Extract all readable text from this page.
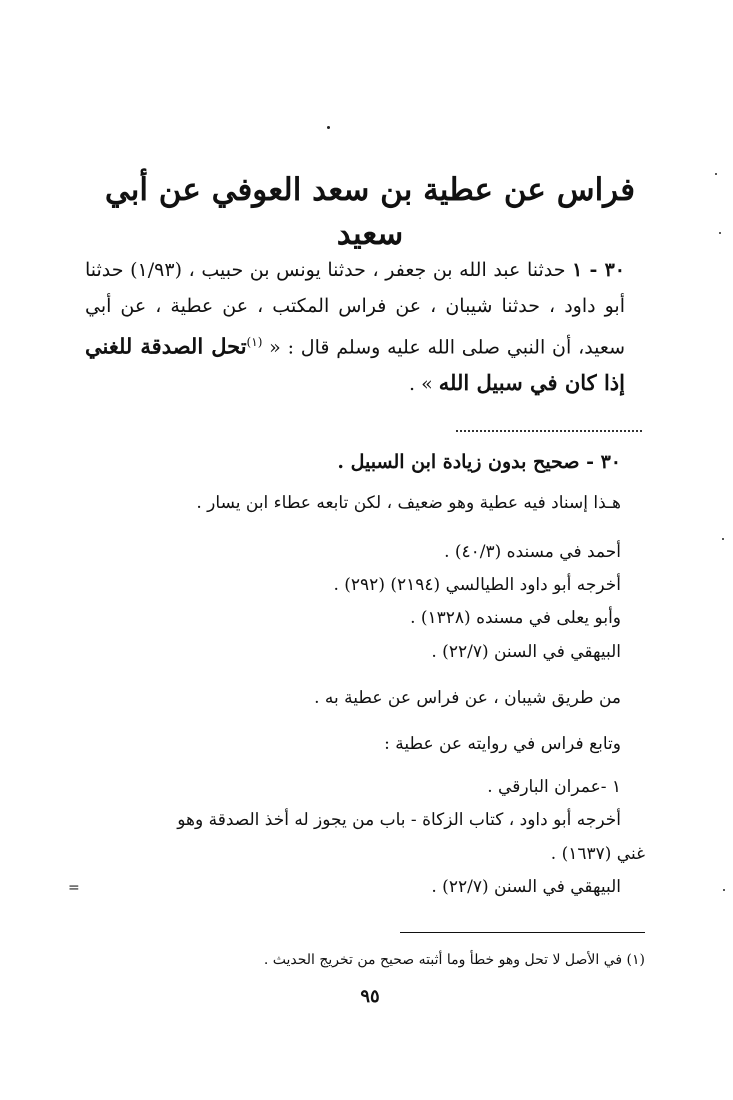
فراس عن عطية بن سعد العوفي عن أبي سعيد
٣٠ - ١ حدثنا عبد الله بن جعفر ، حدثنا يونس بن حبيب ، (١/٩٣) حدثنا أبو داود ، حدثنا شيبان ، عن فراس المكتب ، عن عطية ، عن أبي سعيد، أن النبي صلى الله عليه وسلم قال : « $^{(١)}$تحل الصدقة للغني إذا كان في سبيل الله » .
٣٠ - صحيح بدون زيادة ابن السبيل .
هـذا إسناد فيه عطية وهو ضعيف ، لكن تابعه عطاء ابن يسار .
أحمد في مسنده (٤٠/٣) .
أخرجه أبو داود الطيالسي (٢١٩٤) (٢٩٢) .
وأبو يعلى في مسنده (١٣٢٨) .
البيهقي في السنن (٢٢/٧) .
من طريق شيبان ، عن فراس عن عطية به .
وتابع فراس في روايته عن عطية :
١ -عمران البارقي .
أخرجه أبو داود ، كتاب الزكاة - باب من يجوز له أخذ الصدقة وهو
غني (١٦٣٧) .
البيهقي في السنن (٢٢/٧) .
=
(١) في الأصل لا تحل وهو خطأ وما أثبته صحيح من تخريج الحديث .
٩٥
